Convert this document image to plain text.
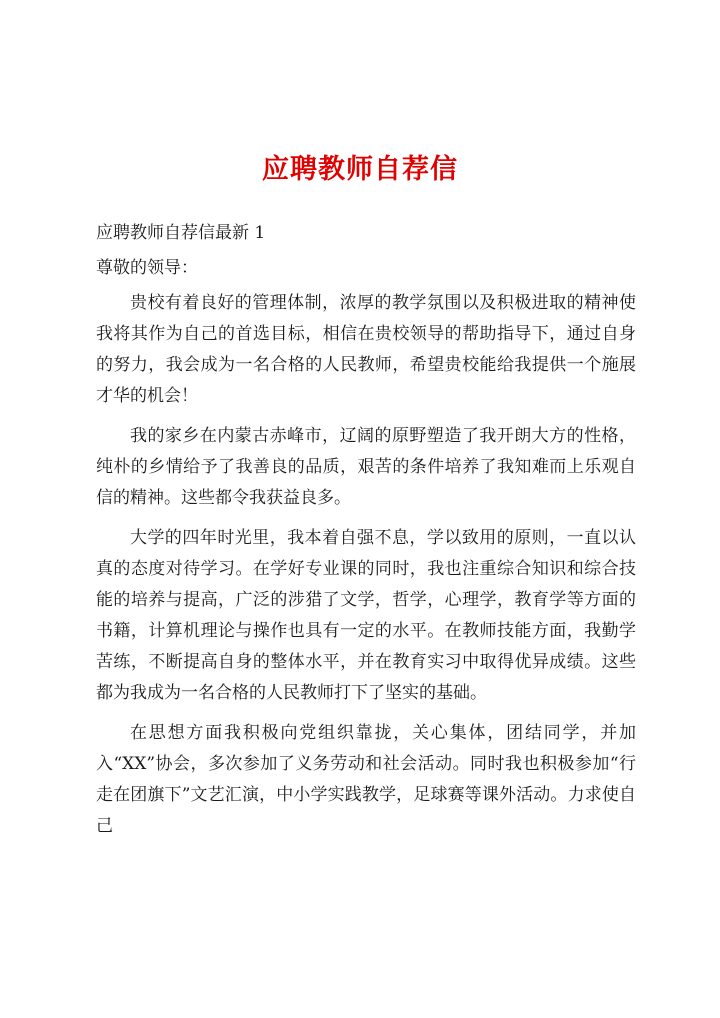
应聘教师自荐信

应聘教师自荐信最新 1

尊敬的领导：

贵校有着良好的管理体制，浓厚的教学氛围以及积极进取的精神使我将其作为自己的首选目标，相信在贵校领导的帮助指导下，通过自身的努力，我会成为一名合格的人民教师，希望贵校能给我提供一个施展才华的机会！

我的家乡在内蒙古赤峰市，辽阔的原野塑造了我开朗大方的性格，纯朴的乡情给予了我善良的品质，艰苦的条件培养了我知难而上乐观自信的精神。这些都令我获益良多。

大学的四年时光里，我本着自强不息，学以致用的原则，一直以认真的态度对待学习。在学好专业课的同时，我也注重综合知识和综合技能的培养与提高，广泛的涉猎了文学，哲学，心理学，教育学等方面的书籍，计算机理论与操作也具有一定的水平。在教师技能方面，我勤学苦练，不断提高自身的整体水平，并在教育实习中取得优异成绩。这些都为我成为一名合格的人民教师打下了坚实的基础。

在思想方面我积极向党组织靠拢，关心集体，团结同学，并加入“XX”协会，多次参加了义务劳动和社会活动。同时我也积极参加“行走在团旗下”文艺汇演，中小学实践教学，足球赛等课外活动。力求使自己
